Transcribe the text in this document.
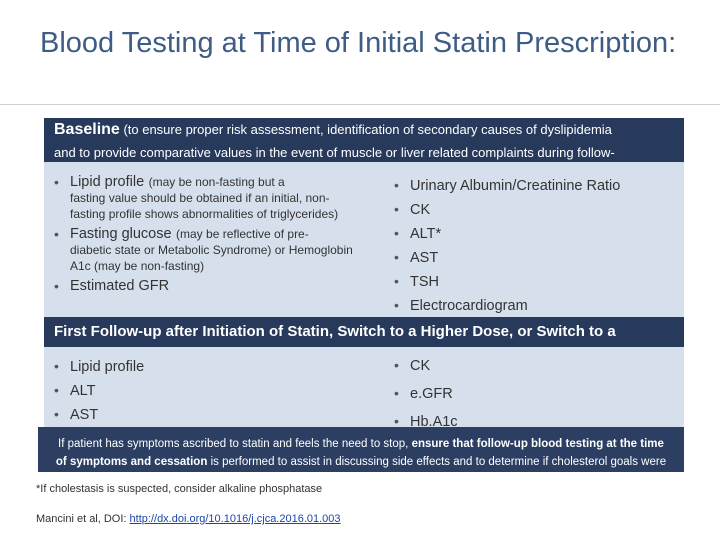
Blood Testing at Time of Initial Statin Prescription:
Baseline (to ensure proper risk assessment, identification of secondary causes of dyslipidemia
and to provide comparative values in the event of muscle or liver related complaints during follow-
• Lipid profile (may be non-fasting but a
fasting value should be obtained if an initial, non-fasting profile shows abnormalities of triglycerides)
• Fasting glucose (may be reflective of pre-
diabetic state or Metabolic Syndrome) or Hemoglobin A1c (may be non-fasting)
• Estimated GFR
• Urinary Albumin/Creatinine Ratio
• CK
• ALT*
• AST
• TSH
• Electrocardiogram
First Follow-up after Initiation of Statin, Switch to a Higher Dose, or Switch to a
• Lipid profile
• ALT
• AST
• CK
• e.GFR
• Hb.A1c
If patient has symptoms ascribed to statin and feels the need to stop, ensure that follow-up blood testing at the time of symptoms and cessation is performed to assist in discussing side effects and to determine if cholesterol goals were
*If cholestasis is suspected, consider alkaline phosphatase
Mancini et al, DOI: http://dx.doi.org/10.1016/j.cjca.2016.01.003
